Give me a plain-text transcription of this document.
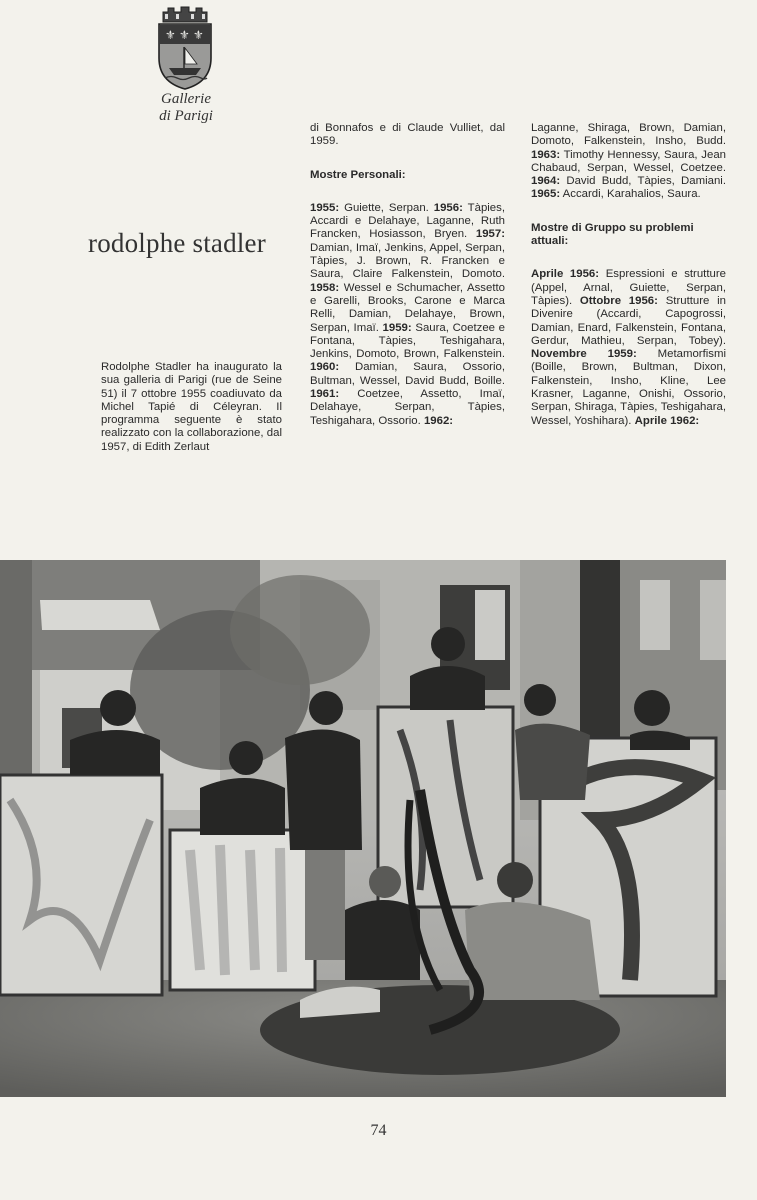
⚜ ⚜ ⚜
Gallerie
di Parigi
rodolphe stadler

Rodolphe Stadler ha inaugurato la sua galleria di Parigi (rue de Seine 51) il 7 ottobre 1955 coadiuvato da Michel Tapié di Céleyran. Il programma seguente è stato realizzato con la collaborazione, dal 1957, di Edith Zerlaut

di Bonnafos e di Claude Vulliet, dal 1959.

Mostre Personali:

1955: Guiette, Serpan. 1956: Tàpies, Accardi e Delahaye, Laganne, Ruth Francken, Hosiasson, Bryen. 1957: Damian, Imaï, Jenkins, Appel, Serpan, Tàpies, J. Brown, R. Francken e Saura, Claire Falkenstein, Domoto. 1958: Wessel e Schumacher, Assetto e Garelli, Brooks, Carone e Marca Relli, Damian, Delahaye, Brown, Serpan, Imaï. 1959: Saura, Coetzee e Fontana, Tàpies, Teshigahara, Jenkins, Domoto, Brown, Falkenstein. 1960: Damian, Saura, Ossorio, Bultman, Wessel, David Budd, Boille. 1961: Coetzee, Assetto, Imaï, Delahaye, Serpan, Tàpies, Teshigahara, Ossorio. 1962:

Laganne, Shiraga, Brown, Damian, Domoto, Falkenstein, Insho, Budd. 1963: Timothy Hennessy, Saura, Jean Chabaud, Serpan, Wessel, Coetzee. 1964: David Budd, Tàpies, Damiani. 1965: Accardi, Karahalios, Saura.

Mostre di Gruppo su problemi attuali:

Aprile 1956: Espressioni e strutture (Appel, Arnal, Guiette, Serpan, Tàpies). Ottobre 1956: Strutture in Divenire (Accardi, Capogrossi, Damian, Enard, Falkenstein, Fontana, Gerdur, Mathieu, Serpan, Tobey). Novembre 1959: Metamorfismi (Boille, Brown, Bultman, Dixon, Falkenstein, Insho, Kline, Lee Krasner, Laganne, Onishi, Ossorio, Serpan, Shiraga, Tàpies, Teshigahara, Wessel, Yoshihara). Aprile 1962:

74
